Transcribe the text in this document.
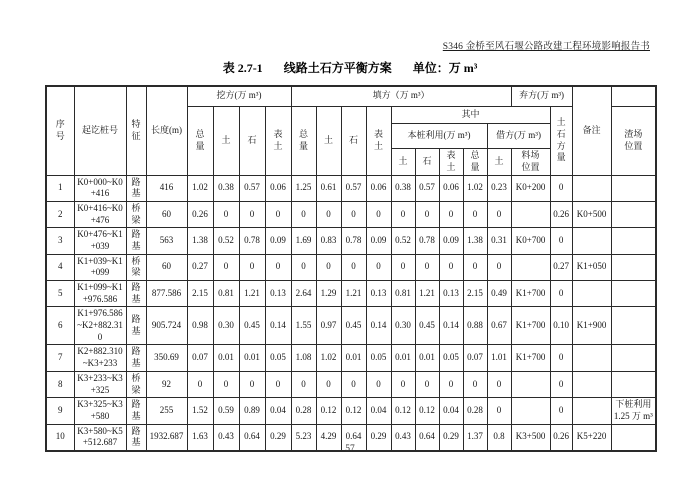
S346 金桥至风石堰公路改建工程环境影响报告书
表 2.7-1 线路土石方平衡方案 单位：万 m³
序号	起讫桩号	特征	长度(m)	挖方(万 m³)				填方（万 m³）									弃方(万 m³)		备注	
				总量	土	石	表土	总量	土	石	表土	其中						土石方量		渣场位置
												本桩利用(万 m³)				借方(万 m³)				
												土	石	表土	总量	土	料场位置			
1	K0+000~K0+416	路基	416	1.02	0.38	0.57	0.06	1.25	0.61	0.57	0.06	0.38	0.57	0.06	1.02	0.23	K0+200	0		
2	K0+416~K0+476	桥梁	60	0.26	0	0	0	0	0	0	0	0	0	0	0	0		0.26	K0+500	
3	K0+476~K1+039	路基	563	1.38	0.52	0.78	0.09	1.69	0.83	0.78	0.09	0.52	0.78	0.09	1.38	0.31	K0+700	0		
4	K1+039~K1+099	桥梁	60	0.27	0	0	0	0	0	0	0	0	0	0	0	0		0.27	K1+050	
5	K1+099~K1+976.586	路基	877.586	2.15	0.81	1.21	0.13	2.64	1.29	1.21	0.13	0.81	1.21	0.13	2.15	0.49	K1+700	0		
6	K1+976.586~K2+882.310	路基	905.724	0.98	0.30	0.45	0.14	1.55	0.97	0.45	0.14	0.30	0.45	0.14	0.88	0.67	K1+700	0.10	K1+900	
7	K2+882.310~K3+233	路基	350.69	0.07	0.01	0.01	0.05	1.08	1.02	0.01	0.05	0.01	0.01	0.05	0.07	1.01	K1+700	0		
8	K3+233~K3+325	桥梁	92	0	0	0	0	0	0	0	0	0	0	0	0	0		0		
9	K3+325~K3+580	路基	255	1.52	0.59	0.89	0.04	0.28	0.12	0.12	0.04	0.12	0.12	0.04	0.28	0		0		下桩利用 1.25 万 m³
10	K3+580~K5+512.687	路基	1932.687	1.63	0.43	0.64	0.29	5.23	4.29	0.64	0.29	0.43	0.64	0.29	1.37	0.8	K3+500	0.26	K5+220	
57
